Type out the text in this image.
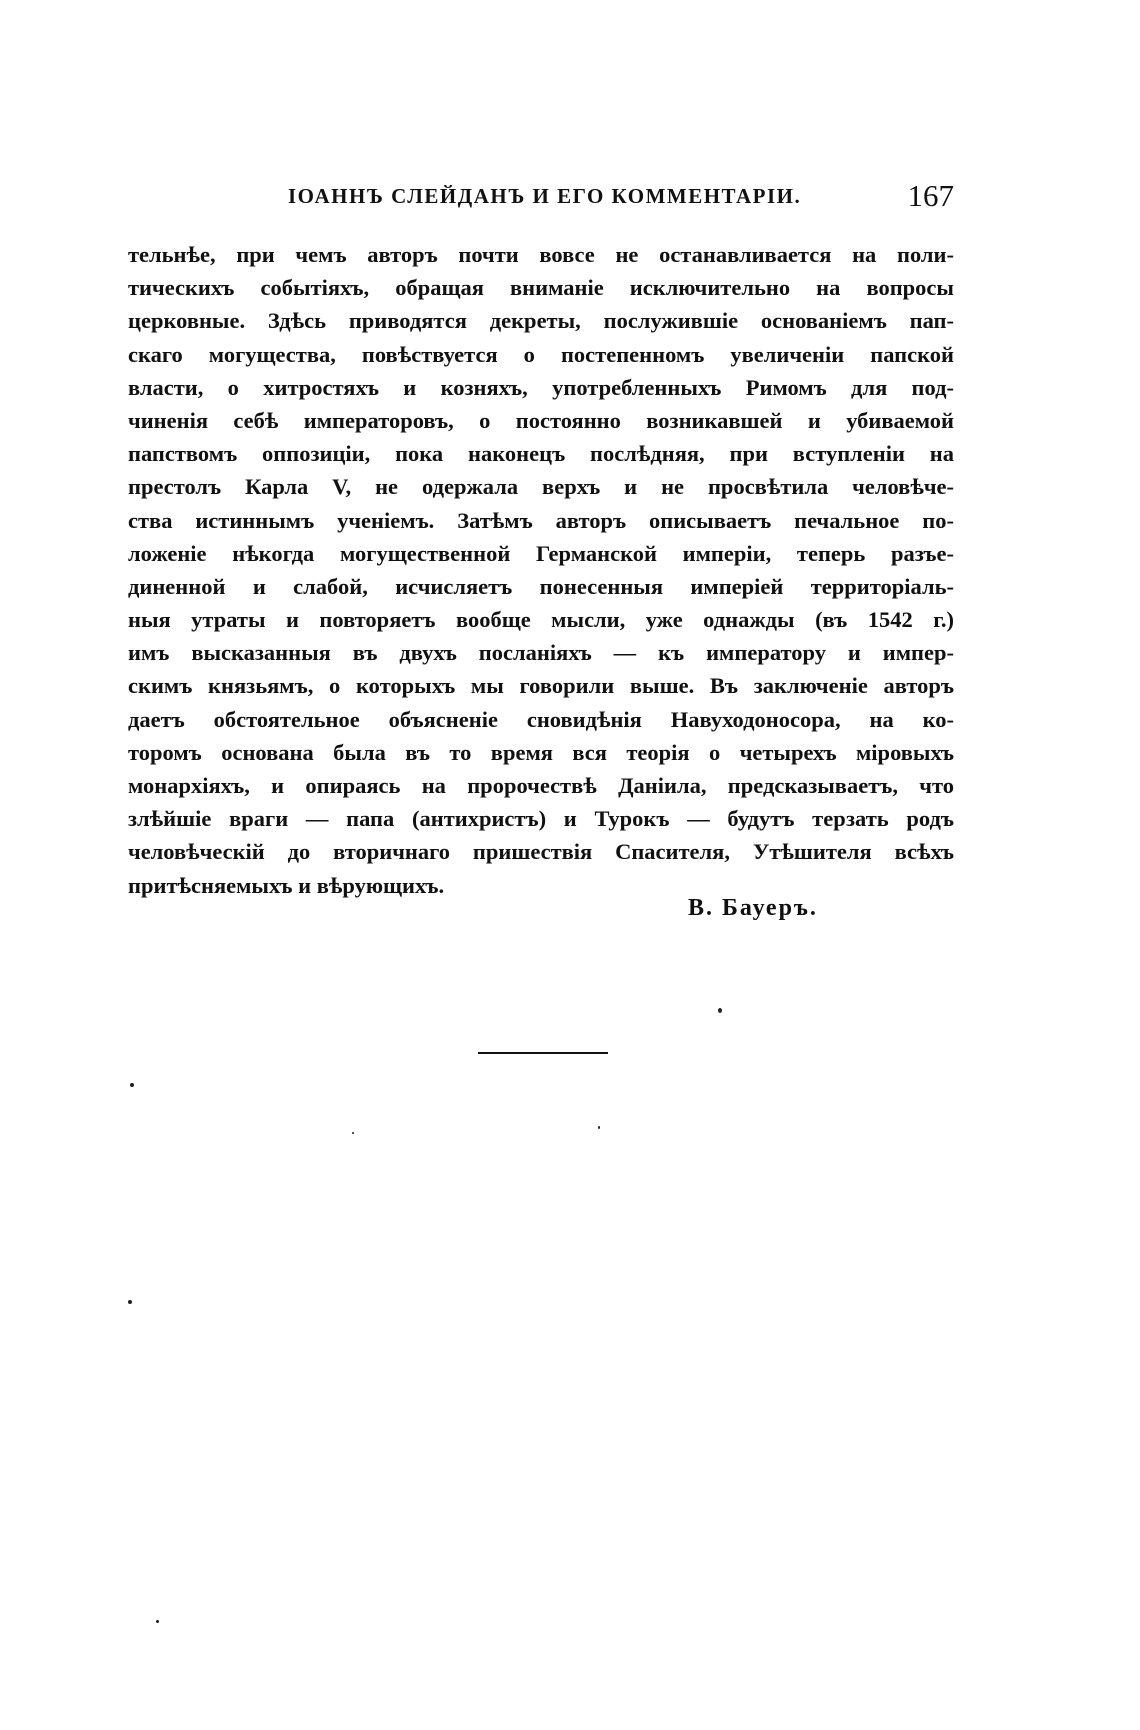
ІОАННЪ СЛЕЙДАНЪ И ЕГО КОММЕНТАРІИ.	167
тельнѣе, при чемъ авторъ почти вовсе не останавливается на поли-
тическихъ событіяхъ, обращая вниманіе исключительно на вопросы
церковные. Здѣсь приводятся декреты, послужившіе основаніемъ пап-
скаго могущества, повѣствуется о постепенномъ увеличеніи папской
власти, о хитростяхъ и козняхъ, употребленныхъ Римомъ для под-
чиненія себѣ императоровъ, о постоянно возникавшей и убиваемой
папствомъ оппозиціи, пока наконецъ послѣдняя, при вступленіи на
престолъ Карла V, не одержала верхъ и не просвѣтила человѣче-
ства истиннымъ ученіемъ. Затѣмъ авторъ описываетъ печальное по-
ложеніе нѣкогда могущественной Германской имперіи, теперь разъе-
диненной и слабой, исчисляетъ понесенныя имперіей территоріаль-
ныя утраты и повторяетъ вообще мысли, уже однажды (въ 1542 г.)
имъ высказанныя въ двухъ посланіяхъ — къ императору и импер-
скимъ князьямъ, о которыхъ мы говорили выше. Въ заключеніе авторъ
даетъ обстоятельное объясненіе сновидѣнія Навуходоносора, на ко-
торомъ основана была въ то время вся теорія о четырехъ міровыхъ
монархіяхъ, и опираясь на пророчествѣ Даніила, предсказываетъ, что
злѣйшіе враги — папа (антихристъ) и Турокъ — будутъ терзать родъ
человѣческій до вторичнаго пришествія Спасителя, Утѣшителя всѣхъ
притѣсняемыхъ и вѣрующихъ.
В. Бауеръ.
